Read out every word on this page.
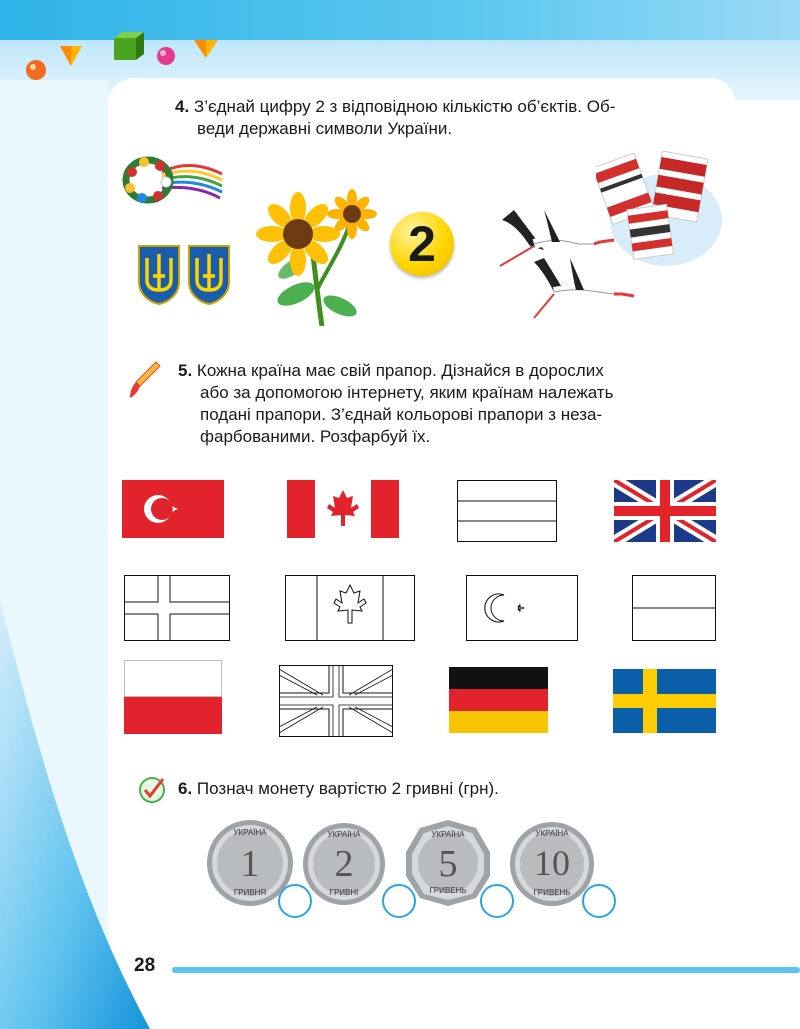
4. З’єднай цифру 2 з відповідною кількістю об’єктів. Об-
веди державні символи України.
2
5. Кожна країна має свій прапор. Дізнайся в дорослих
або за допомогою інтернету, яким країнам належать
подані прапори. З’єднай кольорові прапори з неза-
фарбованими. Розфарбуй їх.
6. Познач монету вартістю 2 гривні (грн).
УКРАЇНА
1
ГРИВНЯ
УКРАЇНА
2
ГРИВНІ
УКРАЇНА
5
ГРИВЕНЬ
УКРАЇНА
10
ГРИВЕНЬ
28
